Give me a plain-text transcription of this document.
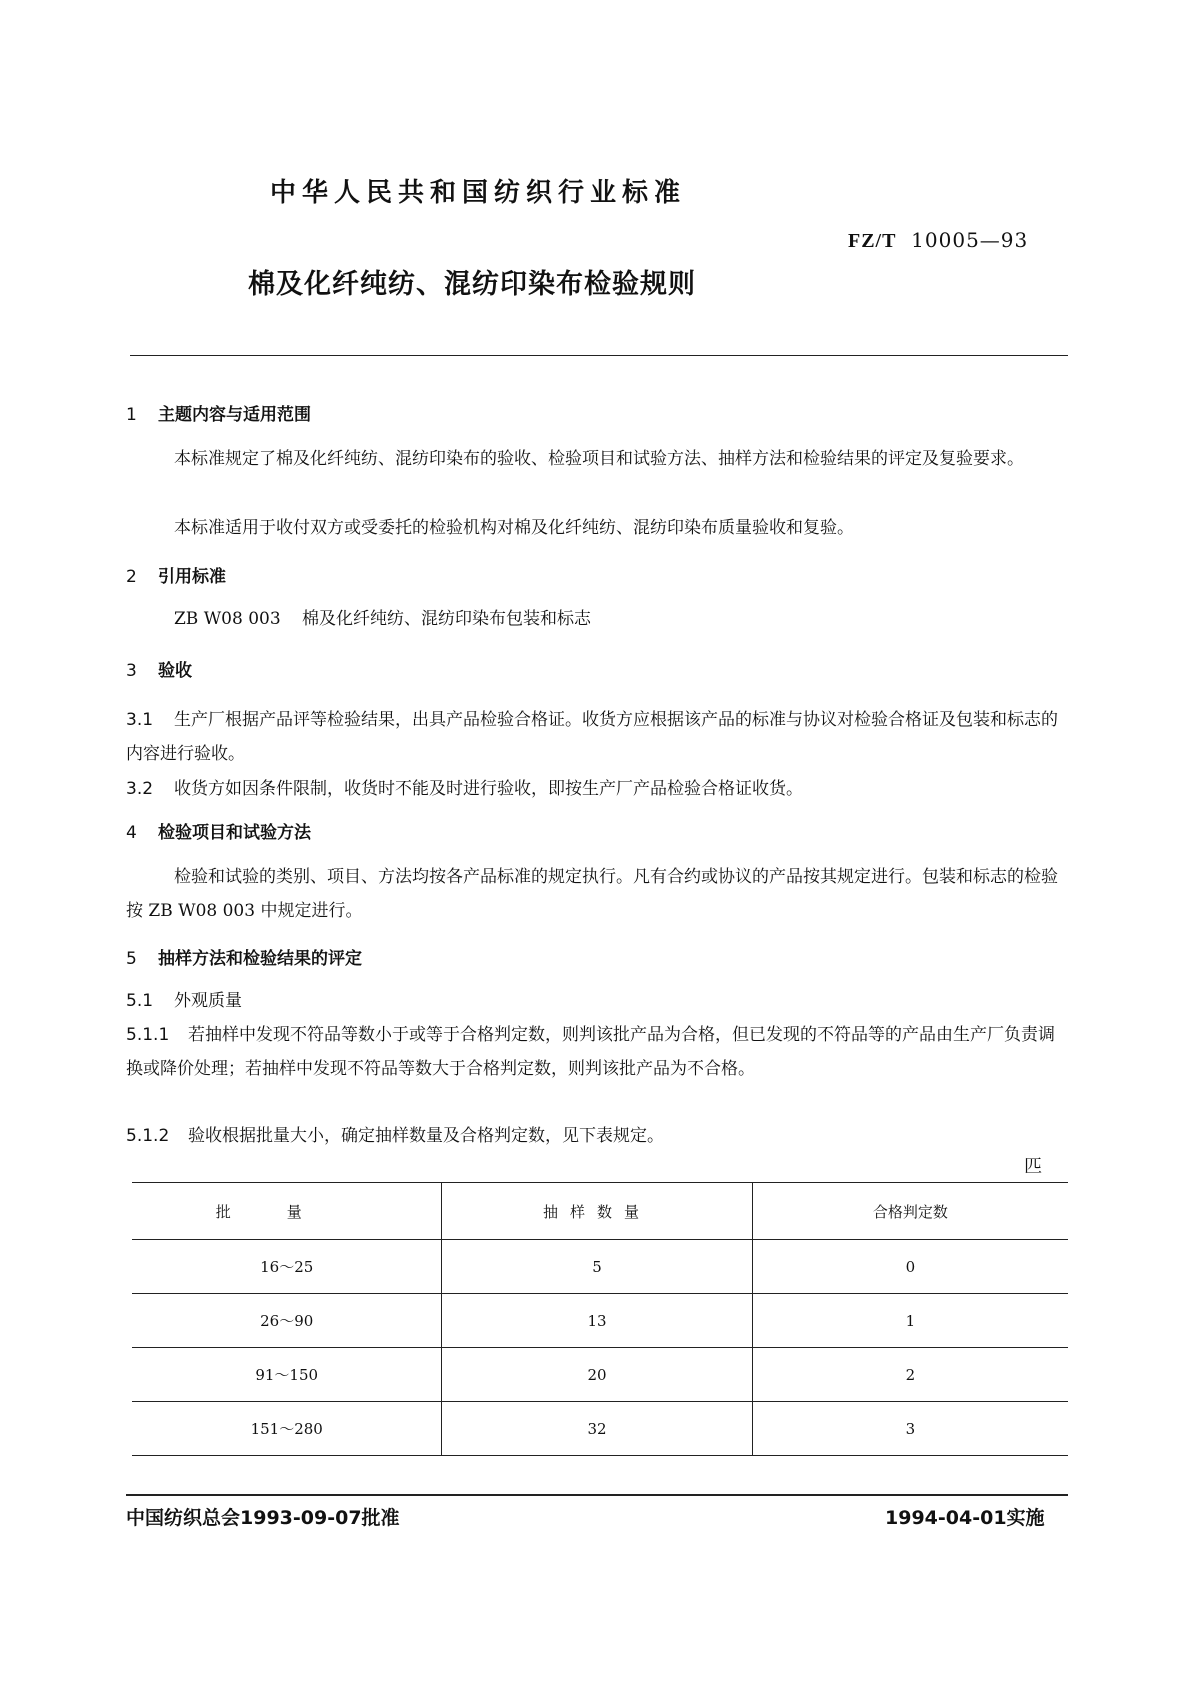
中华人民共和国纺织行业标准
FZ/T 10005—93
棉及化纤纯纺、混纺印染布检验规则
1 主题内容与适用范围
本标准规定了棉及化纤纯纺、混纺印染布的验收、检验项目和试验方法、抽样方法和检验结果的评定及复验要求。
本标准适用于收付双方或受委托的检验机构对棉及化纤纯纺、混纺印染布质量验收和复验。
2 引用标准
ZB W08 003 棉及化纤纯纺、混纺印染布包装和标志
3 验收
3.1 生产厂根据产品评等检验结果，出具产品检验合格证。收货方应根据该产品的标准与协议对检验合格证及包装和标志的内容进行验收。
3.2 收货方如因条件限制，收货时不能及时进行验收，即按生产厂产品检验合格证收货。
4 检验项目和试验方法
检验和试验的类别、项目、方法均按各产品标准的规定执行。凡有合约或协议的产品按其规定进行。包装和标志的检验按 ZB W08 003 中规定进行。
5 抽样方法和检验结果的评定
5.1 外观质量
5.1.1 若抽样中发现不符品等数小于或等于合格判定数，则判该批产品为合格，但已发现的不符品等的产品由生产厂负责调换或降价处理；若抽样中发现不符品等数大于合格判定数，则判该批产品为不合格。
5.1.2 验收根据批量大小，确定抽样数量及合格判定数，见下表规定。
匹
批量	抽样数量	合格判定数
16～25	5	0
26～90	13	1
91～150	20	2
151～280	32	3
中国纺织总会1993-09-07批准	1994-04-01实施
